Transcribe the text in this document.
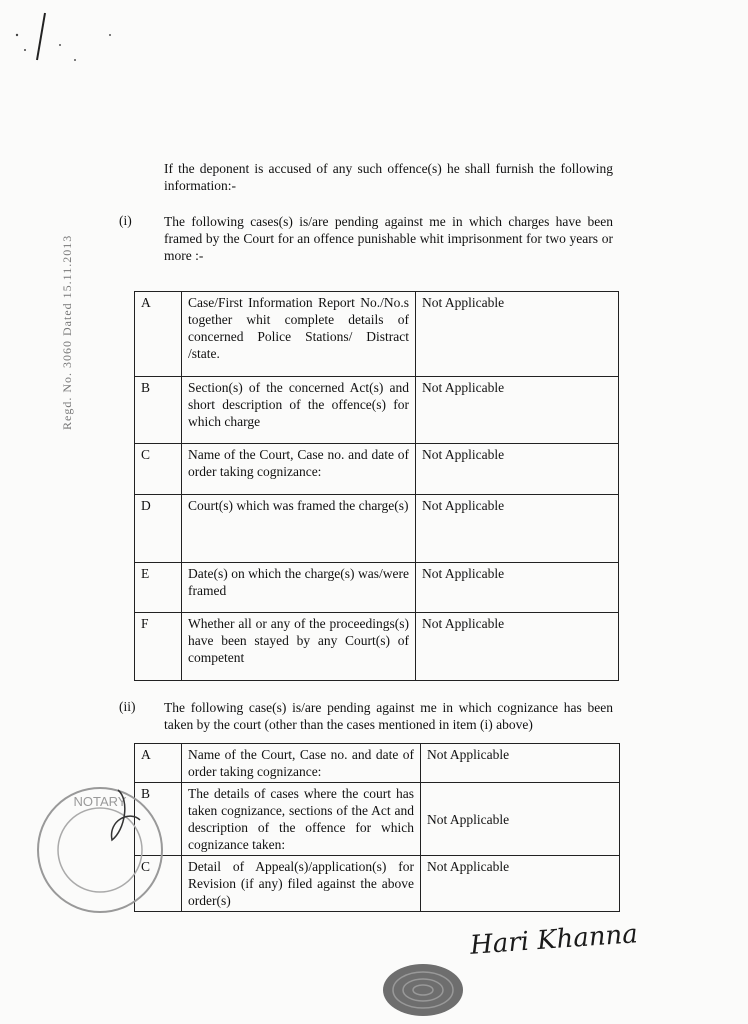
If the deponent is accused of any such offence(s) he shall furnish the following information:-
(i) The following cases(s) is/are pending against me in which charges have been framed by the Court for an offence punishable whit imprisonment for two years or more :-
A	Case/First Information Report No./No.s together whit complete details of concerned Police Stations/ Distract /state.	Not Applicable
B	Section(s) of the concerned Act(s) and short description of the offence(s) for which charge	Not Applicable
C	Name of the Court, Case no. and date of order taking cognizance:	Not Applicable
D	Court(s) which was framed the charge(s)	Not Applicable
E	Date(s) on which the charge(s) was/were framed	Not Applicable
F	Whether all or any of the proceedings(s) have been stayed by any Court(s) of competent	Not Applicable
(ii) The following case(s) is/are pending against me in which cognizance has been taken by the court (other than the cases mentioned in item (i) above)
A	Name of the Court, Case no. and date of order taking cognizance:	Not Applicable
B	The details of cases where the court has taken cognizance, sections of the Act and description of the offence for which cognizance taken:	Not Applicable
C	Detail of Appeal(s)/application(s) for Revision (if any) filed against the above order(s)	Not Applicable
Regd. No. 3060 Dated 15.11.2013
NOTARY
Hari Khanna
